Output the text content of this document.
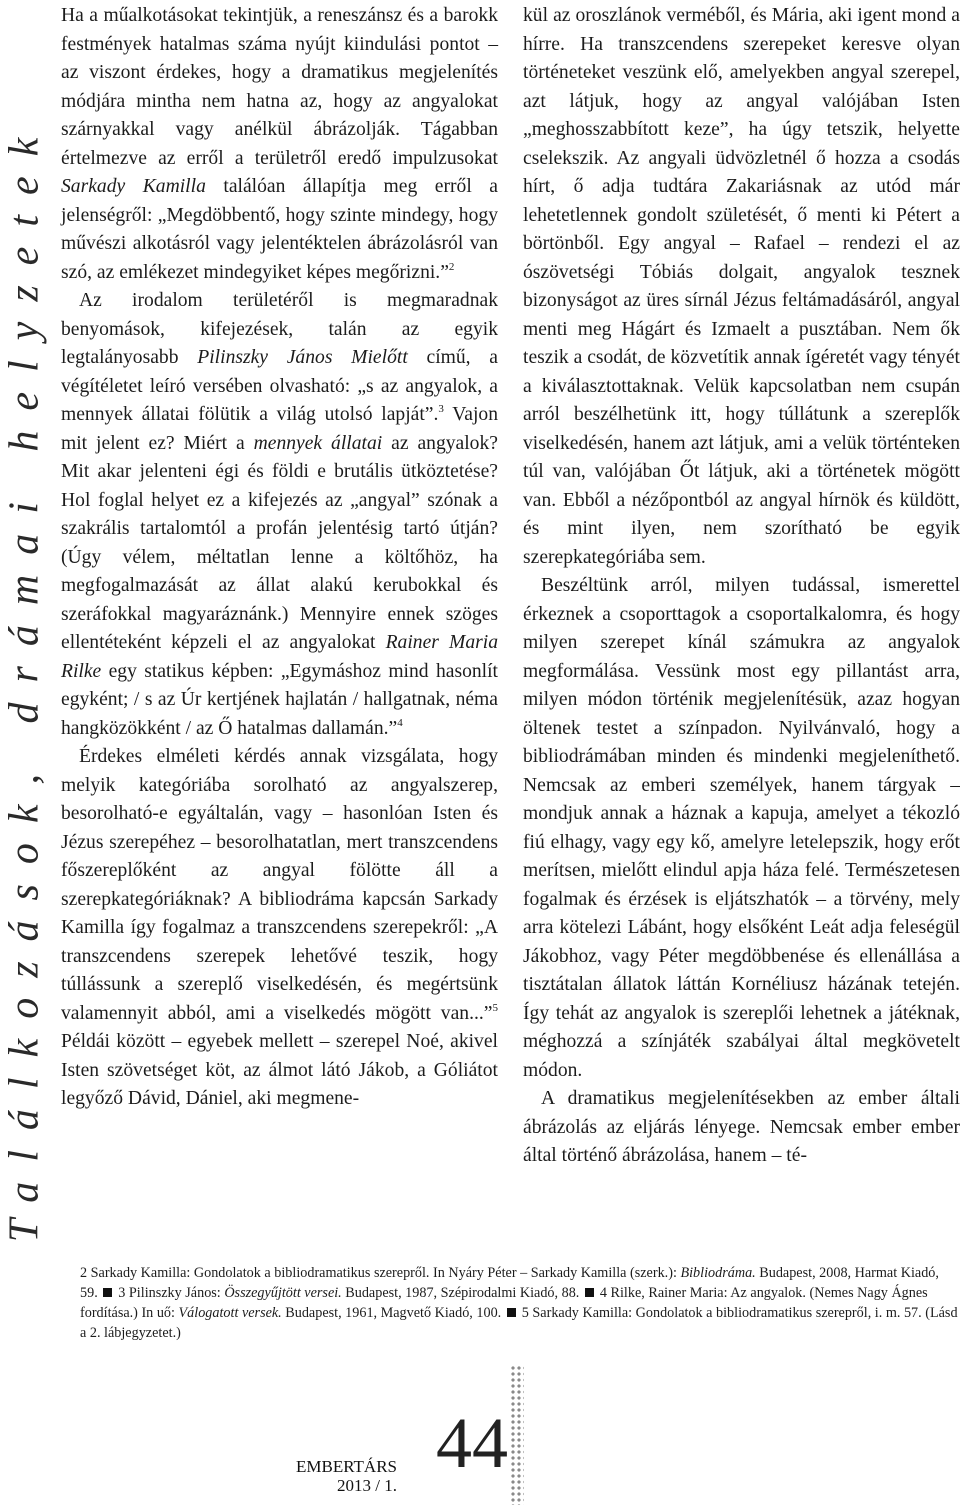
Találkozások, drámai helyzetek

Ha a műalkotásokat tekintjük, a reneszánsz és a barokk festmények hatalmas száma nyújt kiindulási pontot – az viszont érdekes, hogy a dramatikus megjelenítés módjára mintha nem hatna az, hogy az angyalokat szárnyakkal vagy anélkül ábrázolják. Tágabban értelmezve az erről a területről eredő impulzusokat Sarkady Kamilla találóan állapítja meg erről a jelenségről: „Megdöbbentő, hogy szinte mindegy, hogy művészi alkotásról vagy jelentéktelen ábrázolásról van szó, az emlékezet mindegyiket képes megőrizni.”$^2$

Az irodalom területéről is megmaradnak benyomások, kifejezések, talán az egyik legtalányosabb Pilinszky János Mielőtt című, a végítéletet leíró versében olvasható: „s az angyalok, a mennyek állatai fölütik a világ utolsó lapját”.$^3$ Vajon mit jelent ez? Miért a mennyek állatai az angyalok? Mit akar jelenteni égi és földi e brutális ütköztetése? Hol foglal helyet ez a kifejezés az „angyal” szónak a szakrális tartalomtól a profán jelentésig tartó útján? (Úgy vélem, méltatlan lenne a költőhöz, ha megfogalmazását az állat alakú kerubokkal és szeráfokkal magyaráznánk.) Mennyire ennek szöges ellentéteként képzeli el az angyalokat Rainer Maria Rilke egy statikus képben: „Egymáshoz mind hasonlít egyként; / s az Úr kertjének hajlatán / hallgatnak, néma hangközökként / az Ő hatalmas dallamán.”$^4$

Érdekes elméleti kérdés annak vizsgálata, hogy melyik kategóriába sorolható az angyalszerep, besorolható-e egyáltalán, vagy – hasonlóan Isten és Jézus szerepéhez – besorolhatatlan, mert transzcendens főszereplőként az angyal fölötte áll a szerepkategóriáknak? A bibliodráma kapcsán Sarkady Kamilla így fogalmaz a transzcendens szerepekről: „A transzcendens szerepek lehetővé teszik, hogy túllássunk a szereplő viselkedésén, és megértsünk valamennyit abból, ami a viselkedés mögött van...”$^5$ Példái között – egyebek mellett – szerepel Noé, akivel Isten szövetséget köt, az álmot látó Jákob, a Góliátot legyőző Dávid, Dániel, aki megmene-

kül az oroszlánok verméből, és Mária, aki igent mond a hírre. Ha transzcendens szerepeket keresve olyan történeteket veszünk elő, amelyekben angyal szerepel, azt látjuk, hogy az angyal valójában Isten „meghosszabbított keze”, ha úgy tetszik, helyette cselekszik. Az angyali üdvözletnél ő hozza a csodás hírt, ő adja tudtára Zakariásnak az utód már lehetetlennek gondolt születését, ő menti ki Pétert a börtönből. Egy angyal – Rafael – rendezi el az ószövetségi Tóbiás dolgait, angyalok tesznek bizonyságot az üres sírnál Jézus feltámadásáról, angyal menti meg Hágárt és Izmaelt a pusztában. Nem ők teszik a csodát, de közvetítik annak ígéretét vagy tényét a kiválasztottaknak. Velük kapcsolatban nem csupán arról beszélhetünk itt, hogy túllátunk a szereplők viselkedésén, hanem azt látjuk, ami a velük történteken túl van, valójában Őt látjuk, aki a történetek mögött van. Ebből a nézőpontból az angyal hírnök és küldött, és mint ilyen, nem szorítható be egyik szerepkategóriába sem.

Beszéltünk arról, milyen tudással, ismerettel érkeznek a csoporttagok a csoportalkalomra, és hogy milyen szerepet kínál számukra az angyalok megformálása. Vessünk most egy pillantást arra, milyen módon történik megjelenítésük, azaz hogyan öltenek testet a színpadon. Nyilvánvaló, hogy a bibliodrámában minden és mindenki megjeleníthető. Nemcsak az emberi személyek, hanem tárgyak – mondjuk annak a háznak a kapuja, amelyet a tékozló fiú elhagy, vagy egy kő, amelyre letelepszik, hogy erőt merítsen, mielőtt elindul apja háza felé. Természetesen fogalmak és érzések is eljátszhatók – a törvény, mely arra kötelezi Lábánt, hogy elsőként Leát adja feleségül Jákobhoz, vagy Péter megdöbbenése és ellenállása a tisztátalan állatok láttán Kornéliusz házának tetején. Így tehát az angyalok is szereplői lehetnek a játéknak, méghozzá a színjáték szabályai által megkövetelt módon.

A dramatikus megjelenítésekben az ember általi ábrázolás az eljárás lényege. Nemcsak ember ember által történő ábrázolása, hanem – té-

2 Sarkady Kamilla: Gondolatok a bibliodramatikus szerepről. In Nyáry Péter – Sarkady Kamilla (szerk.): Bibliodráma. Budapest, 2008, Harmat Kiadó, 59. 3 Pilinszky János: Összegyűjtött versei. Budapest, 1987, Szépirodalmi Kiadó, 88. 4 Rilke, Rainer Maria: Az angyalok. (Nemes Nagy Ágnes fordítása.) In uő: Válogatott versek. Budapest, 1961, Magvető Kiadó, 100. 5 Sarkady Kamilla: Gondolatok a bibliodramatikus szerepről, i. m. 57. (Lásd a 2. lábjegyzetet.)
EMBERTÁRS
2013 / 1.
44
